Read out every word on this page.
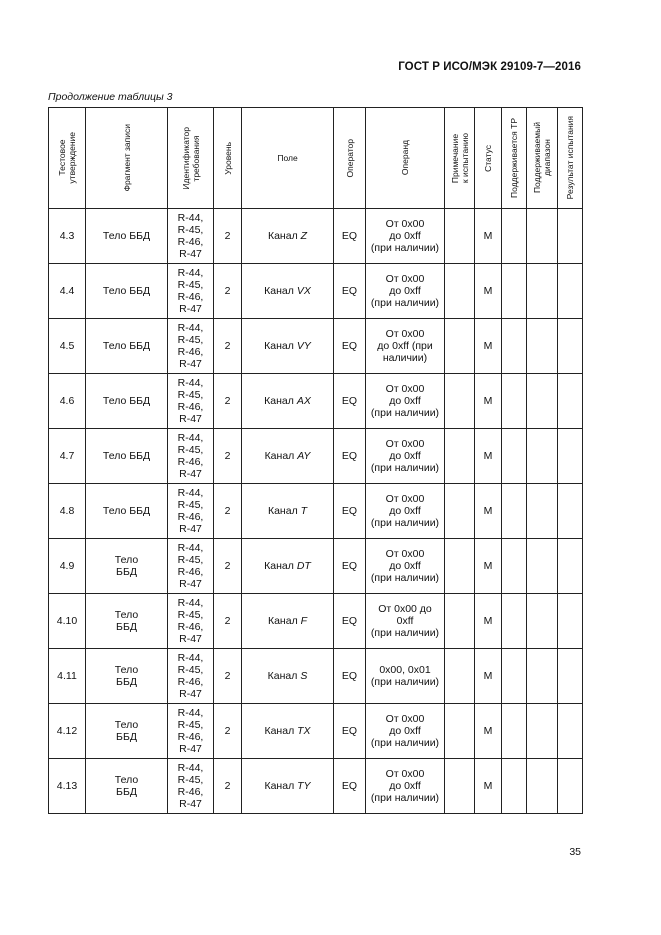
ГОСТ Р ИСО/МЭК 29109-7—2016
Продолжение таблицы 3
Тестовое
утверждение	Фрагмент записи	Идентификатор
требования	Уровень	Поле	Оператор	Операнд	Примечание
к испытанию	Статус	Поддерживается ТР	Поддерживаемый
диапазон	Результат испытания

4.3	Тело ББД	R-44,
R-45,
R-46,
R-47	2	Канал Z	EQ	От 0х00
до 0xff
(при наличии)		М			
4.4	Тело ББД	R-44,
R-45,
R-46,
R-47	2	Канал VX	EQ	От 0х00
до 0xff
(при наличии)		М			
4.5	Тело ББД	R-44,
R-45,
R-46,
R-47	2	Канал VY	EQ	От 0х00
до 0xff (при
наличии)		М			
4.6	Тело ББД	R-44,
R-45,
R-46,
R-47	2	Канал AX	EQ	От 0х00
до 0xff
(при наличии)		М			
4.7	Тело ББД	R-44,
R-45,
R-46,
R-47	2	Канал AY	EQ	От 0х00
до 0xff
(при наличии)		М			
4.8	Тело ББД	R-44,
R-45,
R-46,
R-47	2	Канал T	EQ	От 0х00
до 0xff
(при наличии)		М			
4.9	Тело
ББД	R-44,
R-45,
R-46,
R-47	2	Канал DT	EQ	От 0х00
до 0xff
(при наличии)		М			
4.10	Тело
ББД	R-44,
R-45,
R-46,
R-47	2	Канал F	EQ	От 0х00 до
0xff
(при наличии)		М			
4.11	Тело
ББД	R-44,
R-45,
R-46,
R-47	2	Канал S	EQ	0х00, 0х01
(при наличии)		М			
4.12	Тело
ББД	R-44,
R-45,
R-46,
R-47	2	Канал TX	EQ	От 0х00
до 0xff
(при наличии)		М			
4.13	Тело
ББД	R-44,
R-45,
R-46,
R-47	2	Канал TY	EQ	От 0х00
до 0xff
(при наличии)		М			
35
